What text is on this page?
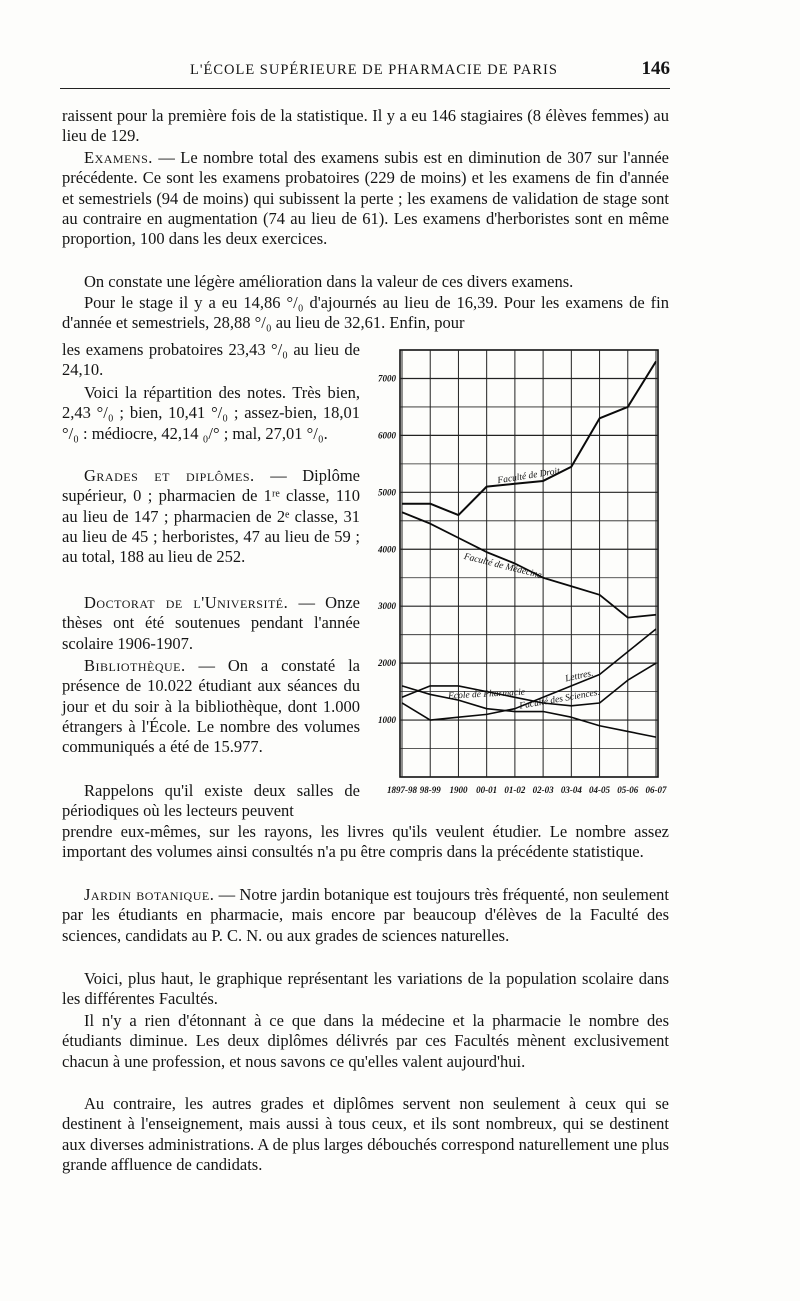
L'ÉCOLE SUPÉRIEURE DE PHARMACIE DE PARIS	146

raissent pour la première fois de la statistique. Il y a eu 146 stagiaires (8 élèves femmes) au lieu de 129.

Examens. — Le nombre total des examens subis est en diminution de 307 sur l'année précédente. Ce sont les examens probatoires (229 de moins) et les examens de fin d'année et semestriels (94 de moins) qui subissent la perte ; les examens de validation de stage sont au contraire en augmentation (74 au lieu de 61). Les examens d'herboristes sont en même proportion, 100 dans les deux exercices.

On constate une légère amélioration dans la valeur de ces divers examens.

Pour le stage il y a eu 14,86 °/₀ d'ajournés au lieu de 16,39. Pour les examens de fin d'année et semestriels, 28,88 °/₀ au lieu de 32,61. Enfin, pour

les examens probatoires 23,43 °/₀ au lieu de 24,10.

Voici la répartition des notes. Très bien, 2,43 °/₀ ; bien, 10,41 °/₀ ; assez-bien, 18,01 °/₀ : médiocre, 42,14 ₀/° ; mal, 27,01 °/₀.

Grades et diplômes. — Diplôme supérieur, 0 ; pharmacien de 1ʳᵉ classe, 110 au lieu de 147 ; pharmacien de 2ᵉ classe, 31 au lieu de 45 ; herboristes, 47 au lieu de 59 ; au total, 188 au lieu de 252.

Doctorat de l'Université. — Onze thèses ont été soutenues pendant l'année scolaire 1906-1907.

Bibliothèque. — On a constaté la présence de 10.022 étudiant aux séances du jour et du soir à la bibliothèque, dont 1.000 étrangers à l'École. Le nombre des volumes communiqués a été de 15.977.

Rappelons qu'il existe deux salles de périodiques où les lecteurs peuvent

prendre eux-mêmes, sur les rayons, les livres qu'ils veulent étudier. Le nombre assez important des volumes ainsi consultés n'a pu être compris dans la précédente statistique.

Jardin botanique. — Notre jardin botanique est toujours très fréquenté, non seulement par les étudiants en pharmacie, mais encore par beaucoup d'élèves de la Faculté des sciences, candidats au P. C. N. ou aux grades de sciences naturelles.

Voici, plus haut, le graphique représentant les variations de la population scolaire dans les différentes Facultés.

Il n'y a rien d'étonnant à ce que dans la médecine et la pharmacie le nombre des étudiants diminue. Les deux diplômes délivrés par ces Facultés mènent exclusivement chacun à une profession, et nous savons ce qu'elles valent aujourd'hui.

Au contraire, les autres grades et diplômes servent non seulement à ceux qui se destinent à l'enseignement, mais aussi à tous ceux, et ils sont nombreux, qui se destinent aux diverses administrations. A de plus larges débouchés correspond naturellement une plus grande affluence de candidats.

1000
2000
3000
4000
5000
6000
7000
1897-98 98-99 1900 00-01 01-02 02-03 03-04 04-05 05-06 06-07
Faculté de Droit
Faculté de Médecine
Lettres.
Ecole de Pharmacie
Faculté des Sciences.
